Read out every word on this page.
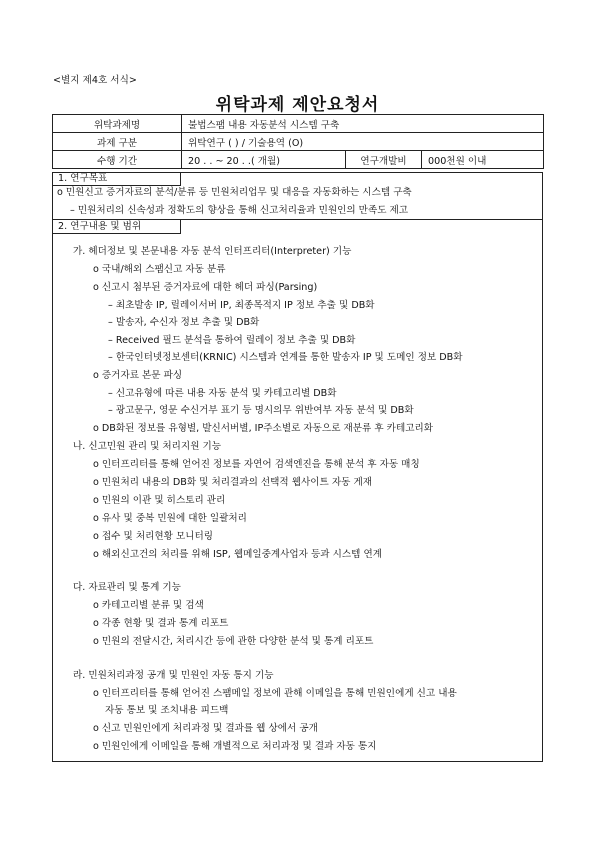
<별지 제4호 서식>
위탁과제 제안요청서
위탁과제명	불법스팸 내용 자동분석 시스템 구축		
과제 구분	위탁연구 ( ) / 기술용역 (O)		
수행 기간	20 . . ~ 20 . .( 개월)	연구개발비	000천원 이내
1. 연구목표
o 민원신고 증거자료의 분석/분류 등 민원처리업무 및 대응을 자동화하는 시스템 구축
– 민원처리의 신속성과 정확도의 향상을 통해 신고처리율과 민원인의 만족도 제고
2. 연구내용 및 범위
가. 헤더정보 및 본문내용 자동 분석 인터프리터(Interpreter) 기능
o 국내/해외 스팸신고 자동 분류
o 신고시 첨부된 증거자료에 대한 헤더 파싱(Parsing)
– 최초발송 IP, 릴레이서버 IP, 최종목적지 IP 정보 추출 및 DB화
– 발송자, 수신자 정보 추출 및 DB화
– Received 필드 분석을 통하여 릴레이 정보 추출 및 DB화
– 한국인터넷정보센터(KRNIC) 시스템과 연계를 통한 발송자 IP 및 도메인 정보 DB화
o 증거자료 본문 파싱
– 신고유형에 따른 내용 자동 분석 및 카테고리별 DB화
– 광고문구, 영문 수신거부 표기 등 명시의무 위반여부 자동 분석 및 DB화
o DB화된 정보를 유형별, 발신서버별, IP주소별로 자동으로 재분류 후 카테고리화
나. 신고민원 관리 및 처리지원 기능
o 인터프리터를 통해 얻어진 정보를 자연어 검색엔진을 통해 분석 후 자동 매칭
o 민원처리 내용의 DB화 및 처리결과의 선택적 웹사이트 자동 게재
o 민원의 이관 및 히스토리 관리
o 유사 및 중복 민원에 대한 일괄처리
o 접수 및 처리현황 모니터링
o 해외신고건의 처리를 위해 ISP, 웹메일중계사업자 등과 시스템 연계
다. 자료관리 및 통계 기능
o 카테고리별 분류 및 검색
o 각종 현황 및 결과 통계 리포트
o 민원의 전달시간, 처리시간 등에 관한 다양한 분석 및 통계 리포트
라. 민원처리과정 공개 및 민원인 자동 통지 기능
o 인터프리터를 통해 얻어진 스팸메일 정보에 관해 이메일을 통해 민원인에게 신고 내용
자동 통보 및 조치내용 피드백
o 신고 민원인에게 처리과정 및 결과를 웹 상에서 공개
o 민원인에게 이메일을 통해 개별적으로 처리과정 및 결과 자동 통지
